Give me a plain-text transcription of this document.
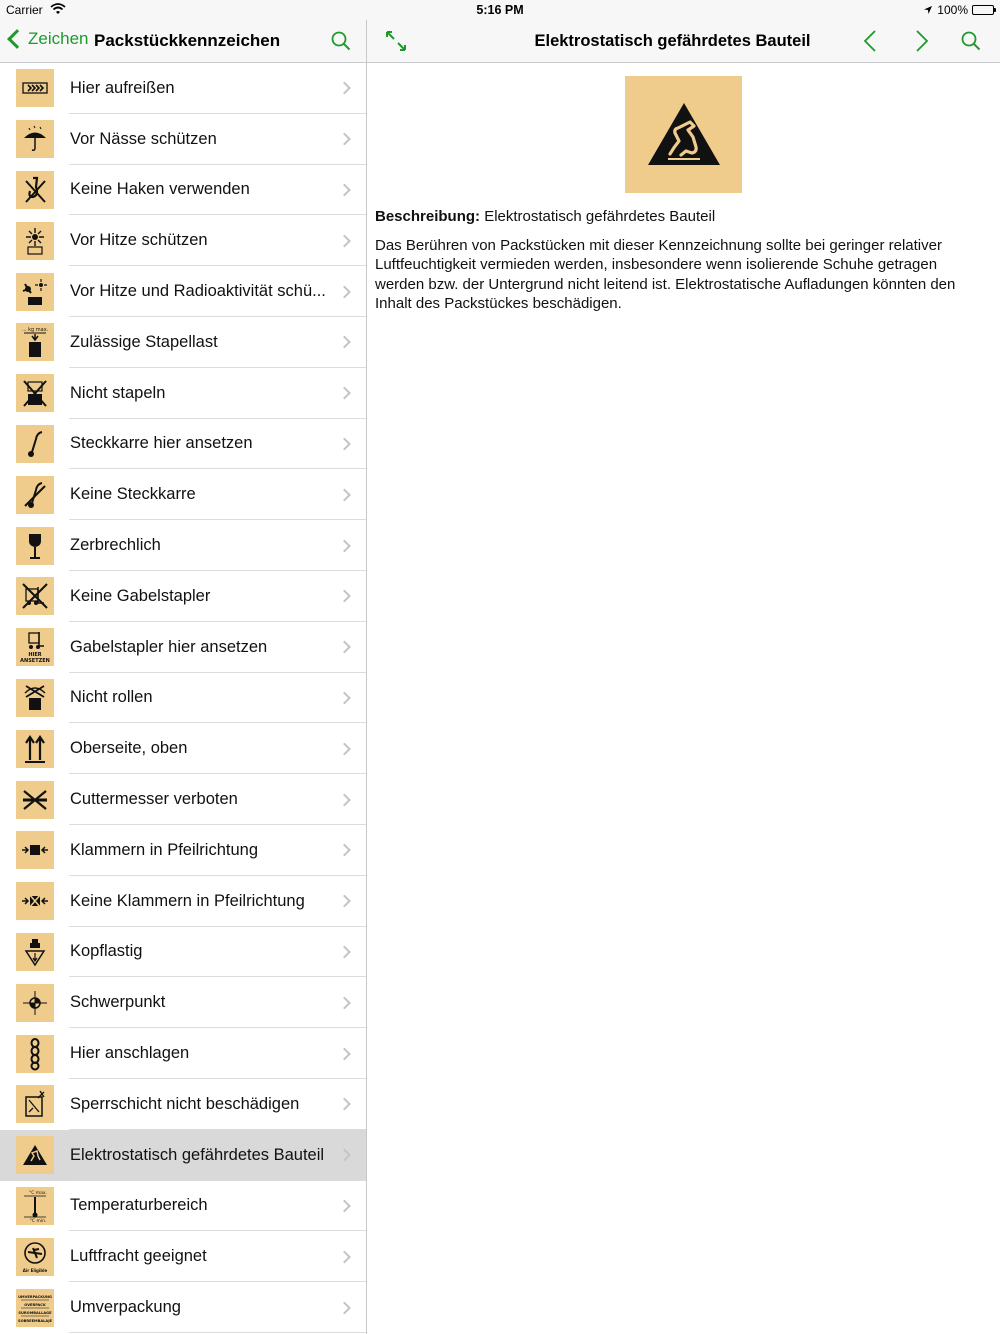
Carrier	5:16 PM	100%
Zeichen Packstückkennzeichen
Hier aufreißen
Vor Nässe schützen
Keine Haken verwenden
Vor Hitze schützen
Vor Hitze und Radioaktivität schü...
... kg max.
Zulässige Stapellast
Nicht stapeln
Steckkarre hier ansetzen
Keine Steckkarre
Zerbrechlich
Keine Gabelstapler
HIER
ANSETZEN
Gabelstapler hier ansetzen
Nicht rollen
Oberseite, oben
Cuttermesser verboten
Klammern in Pfeilrichtung
Keine Klammern in Pfeilrichtung
Kopflastig
Schwerpunkt
Hier anschlagen
Sperrschicht nicht beschädigen
Elektrostatisch gefährdetes Bauteil
°C max.
°C min.
Temperaturbereich
Air Eligible
Luftfracht geeignet
UMVERPACKUNG
OVERPACK
SUROMBALLAGE
SOBREEMBALAJE
Umverpackung
Elektrostatisch gefährdetes Bauteil

Beschreibung: Elektrostatisch gefährdetes Bauteil

Das Berühren von Packstücken mit dieser Kennzeichnung sollte bei geringer relativer Luftfeuchtigkeit vermieden werden, insbesondere wenn isolierende Schuhe getragen werden bzw. der Untergrund nicht leitend ist. Elektrostatische Aufladungen könnten den Inhalt des Packstückes beschädigen.
